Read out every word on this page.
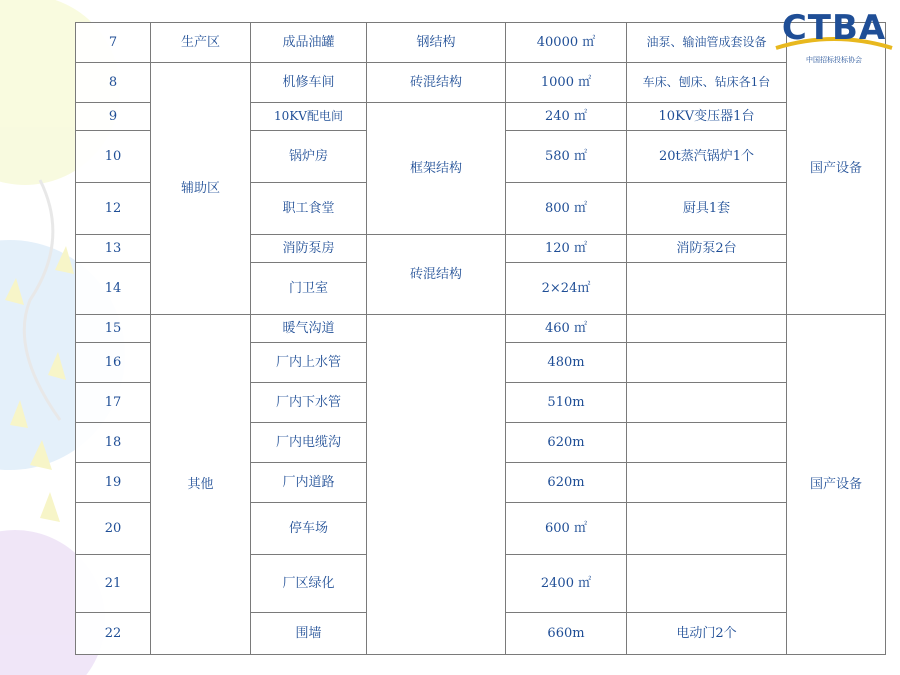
CTBA
中国招标投标协会
7	生产区	成品油罐	钢结构	40000 ㎡	油泵、输油管成套设备	国产设备
8	辅助区	机修车间	砖混结构	1000 ㎡	车床、刨床、钻床各1台	
9		10KV配电间	框架结构	240 ㎡	10KV变压器1台	
10		锅炉房		580 ㎡	20t蒸汽锅炉1个	
12		职工食堂		800 ㎡	厨具1套	
13		消防泵房	砖混结构	120 ㎡	消防泵2台	
14		门卫室		2×24㎡		
15	其他	暖气沟道		460 ㎡		国产设备
16		厂内上水管		480m		
17		厂内下水管		510m		
18		厂内电缆沟		620m		
19		厂内道路		620m		
20		停车场		600 ㎡		
21		厂区绿化		2400 ㎡		
22		围墙		660m	电动门2个	
